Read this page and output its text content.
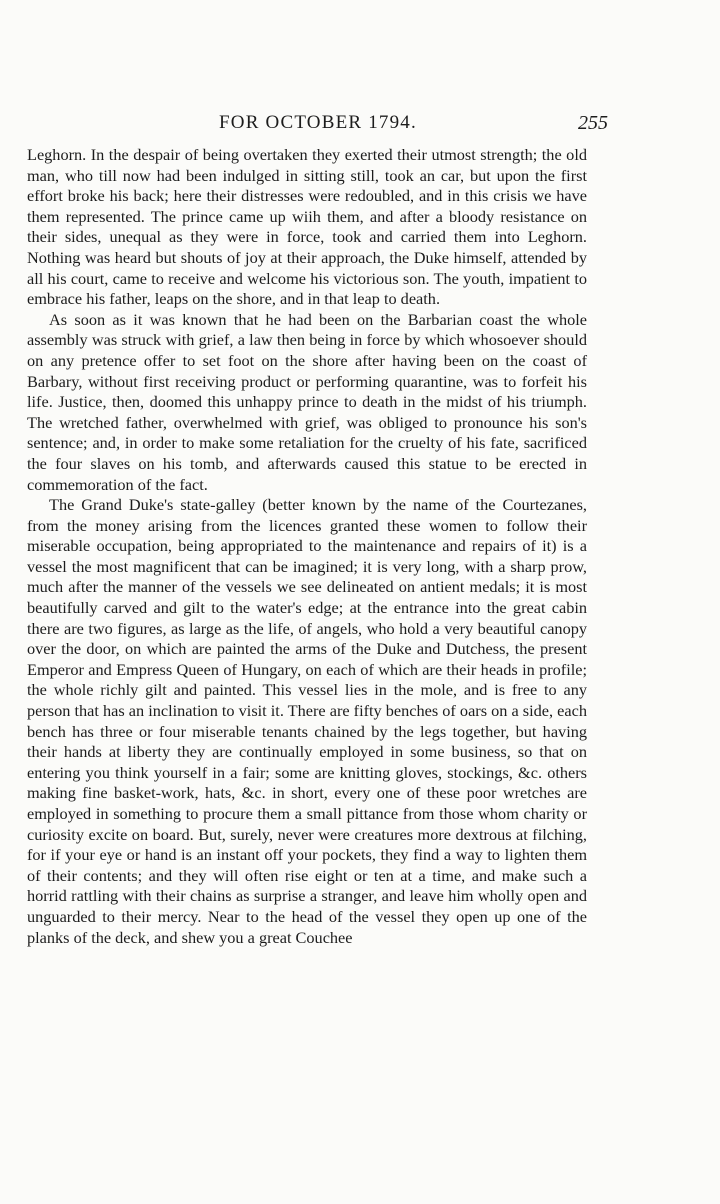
FOR OCTOBER 1794.	255

Leghorn. In the despair of being overtaken they exerted their utmost strength; the old man, who till now had been indulged in sitting still, took an car, but upon the first effort broke his back; here their distresses were redoubled, and in this crisis we have them represented. The prince came up wiih them, and after a bloody resistance on their sides, unequal as they were in force, took and carried them into Leghorn. Nothing was heard but shouts of joy at their approach, the Duke himself, attended by all his court, came to receive and welcome his victorious son. The youth, impatient to embrace his father, leaps on the shore, and in that leap to death.

As soon as it was known that he had been on the Barbarian coast the whole assembly was struck with grief, a law then being in force by which whosoever should on any pretence offer to set foot on the shore after having been on the coast of Barbary, without first receiving product or performing quarantine, was to forfeit his life. Justice, then, doomed this unhappy prince to death in the midst of his triumph. The wretched father, overwhelmed with grief, was obliged to pronounce his son's sentence; and, in order to make some retaliation for the cruelty of his fate, sacrificed the four slaves on his tomb, and afterwards caused this statue to be erected in commemoration of the fact.

The Grand Duke's state-galley (better known by the name of the Courtezanes, from the money arising from the licences granted these women to follow their miserable occupation, being appropriated to the maintenance and repairs of it) is a vessel the most magnificent that can be imagined; it is very long, with a sharp prow, much after the manner of the vessels we see delineated on antient medals; it is most beautifully carved and gilt to the water's edge; at the entrance into the great cabin there are two figures, as large as the life, of angels, who hold a very beautiful canopy over the door, on which are painted the arms of the Duke and Dutchess, the present Emperor and Empress Queen of Hungary, on each of which are their heads in profile; the whole richly gilt and painted. This vessel lies in the mole, and is free to any person that has an inclination to visit it. There are fifty benches of oars on a side, each bench has three or four miserable tenants chained by the legs together, but having their hands at liberty they are continually employed in some business, so that on entering you think yourself in a fair; some are knitting gloves, stockings, &c. others making fine basket-work, hats, &c. in short, every one of these poor wretches are employed in something to procure them a small pittance from those whom charity or curiosity excite on board. But, surely, never were creatures more dextrous at filching, for if your eye or hand is an instant off your pockets, they find a way to lighten them of their contents; and they will often rise eight or ten at a time, and make such a horrid rattling with their chains as surprise a stranger, and leave him wholly open and unguarded to their mercy. Near to the head of the vessel they open up one of the planks of the deck, and shew you a great Couchee
